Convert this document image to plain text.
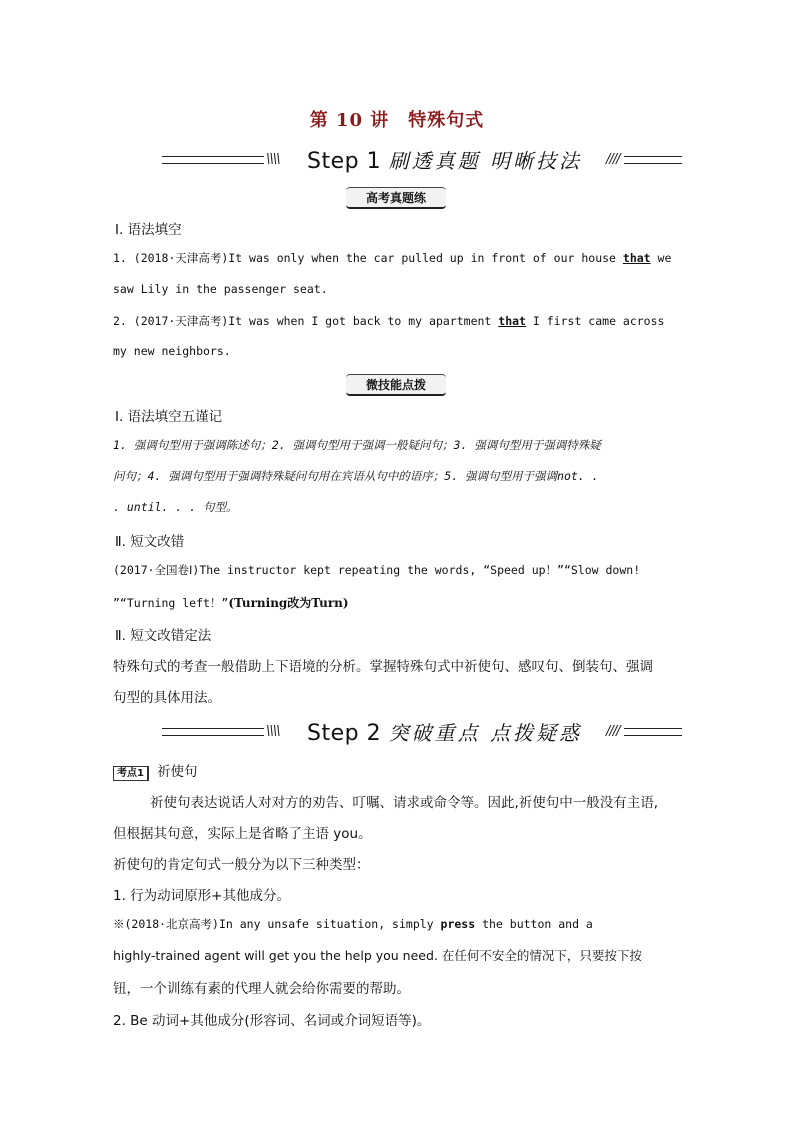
第 10 讲　特殊句式
\\\\ Step 1 刷透真题 明晰技法 ////
高考真题练
Ⅰ. 语法填空
1. (2018·天津高考)It was only when the car pulled up in front of our house that we
saw Lily in the passenger seat.
2. (2017·天津高考)It was when I got back to my apartment that I first came across
my new neighbors.
微技能点拨
Ⅰ. 语法填空五谨记
1. 强调句型用于强调陈述句；2. 强调句型用于强调一般疑问句；3. 强调句型用于强调特殊疑
问句；4. 强调句型用于强调特殊疑问句用在宾语从句中的语序；5. 强调句型用于强调not. .
. until. . . 句型。
Ⅱ. 短文改错
(2017·全国卷Ⅰ)The instructor kept repeating the words, “Speed up！”“Slow down!
”“Turning left！”(Turning改为Turn)
Ⅱ. 短文改错定法
特殊句式的考查一般借助上下语境的分析。掌握特殊句式中祈使句、感叹句、倒装句、强调
句型的具体用法。
\\\\ Step 2 突破重点 点拨疑惑 ////
考点1 祈使句
祈使句表达说话人对对方的劝告、叮嘱、请求或命令等。因此,祈使句中一般没有主语,
但根据其句意，实际上是省略了主语 you。
祈使句的肯定句式一般分为以下三种类型：
1. 行为动词原形+其他成分。
※(2018·北京高考)In any unsafe situation, simply press the button and a
highly-trained agent will get you the help you need. 在任何不安全的情况下，只要按下按
钮，一个训练有素的代理人就会给你需要的帮助。
2. Be 动词+其他成分(形容词、名词或介词短语等)。
